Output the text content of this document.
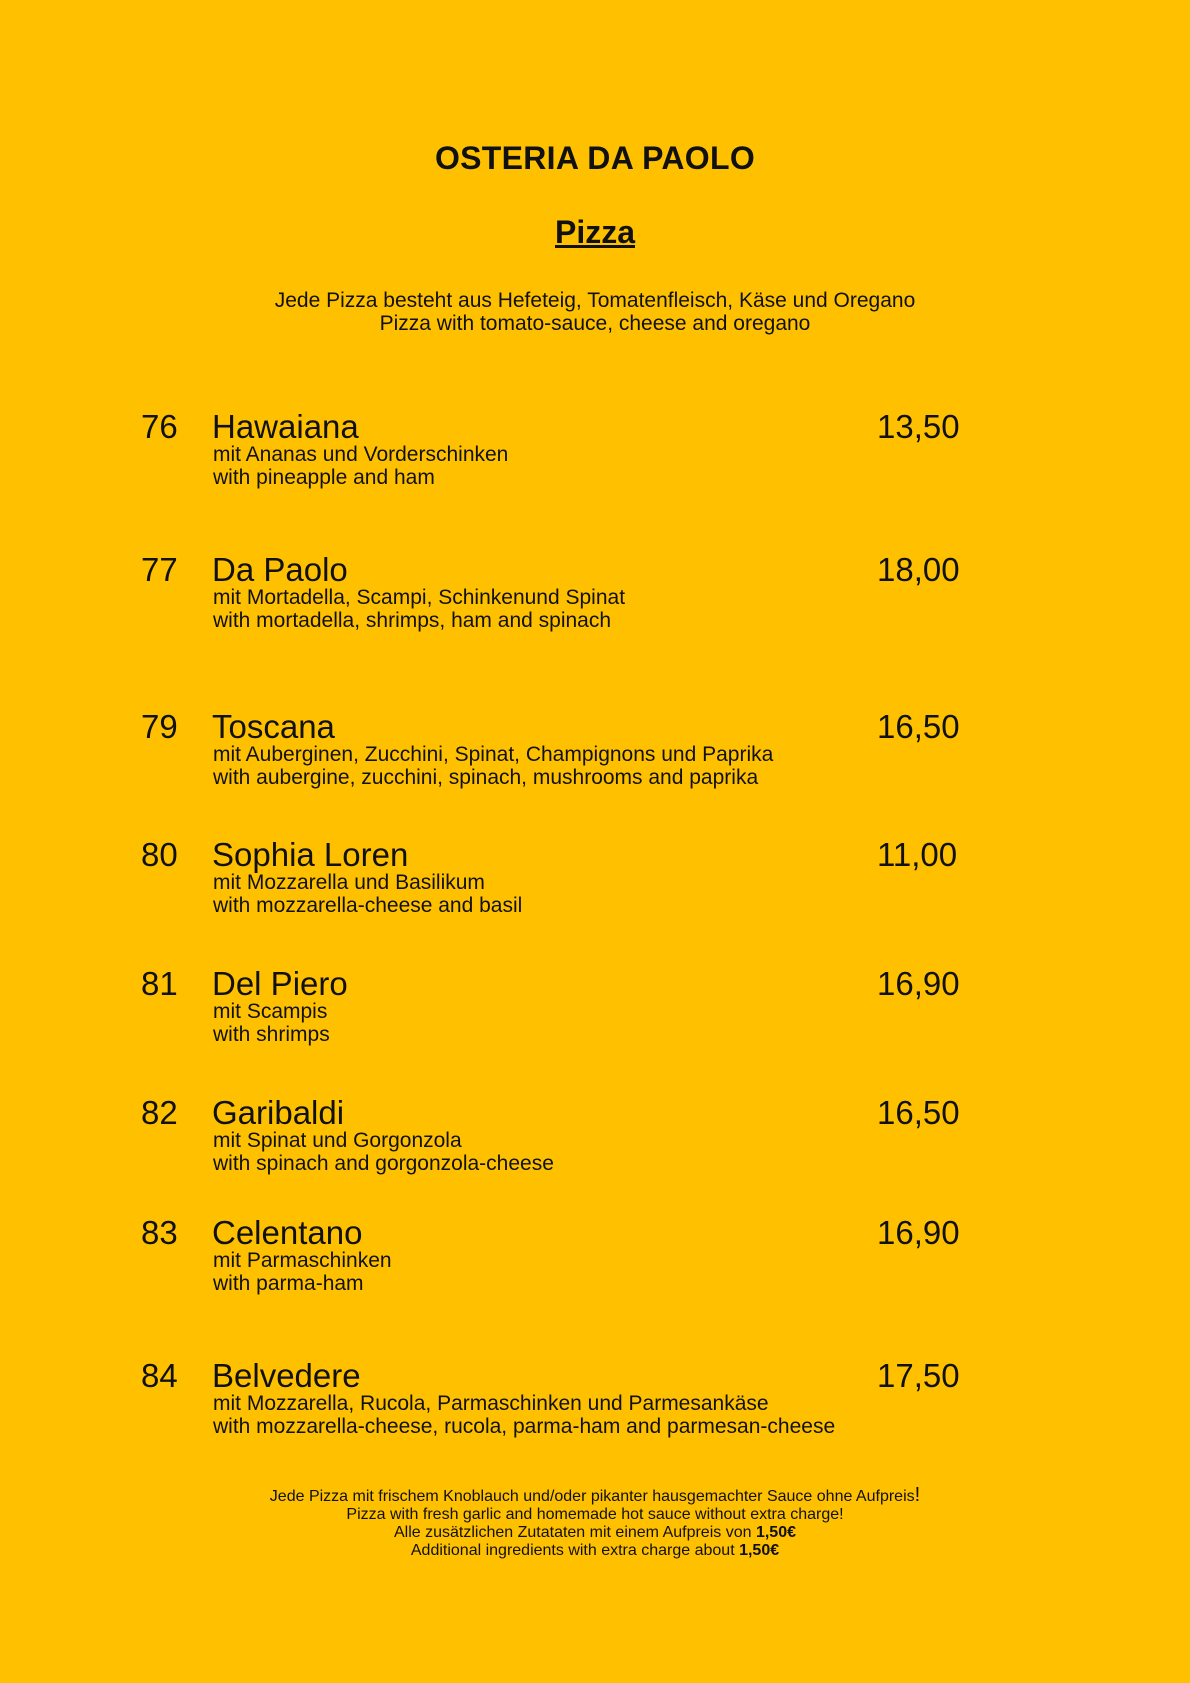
OSTERIA DA PAOLO
Pizza
Jede Pizza besteht aus Hefeteig, Tomatenfleisch, Käse und Oregano
Pizza with tomato-sauce, cheese and oregano
76 Hawaiana	13,50
mit Ananas und Vorderschinken
with pineapple and ham
77 Da Paolo	18,00
mit Mortadella, Scampi, Schinkenund Spinat
with mortadella, shrimps, ham and spinach
79 Toscana	16,50
mit Auberginen, Zucchini, Spinat, Champignons und Paprika
with aubergine, zucchini, spinach, mushrooms and paprika
80 Sophia Loren	11,00
mit Mozzarella und Basilikum
with mozzarella-cheese and basil
81 Del Piero	16,90
mit Scampis
with shrimps
82 Garibaldi	16,50
mit Spinat und Gorgonzola
with spinach and gorgonzola-cheese
83 Celentano	16,90
mit Parmaschinken
with parma-ham
84 Belvedere	17,50
mit Mozzarella, Rucola, Parmaschinken und Parmesankäse
with mozzarella-cheese, rucola, parma-ham and parmesan-cheese
Jede Pizza mit frischem Knoblauch und/oder pikanter hausgemachter Sauce ohne Aufpreis!
Pizza with fresh garlic and homemade hot sauce without extra charge!
Alle zusätzlichen Zutataten mit einem Aufpreis von 1,50€
Additional ingredients with extra charge about 1,50€
